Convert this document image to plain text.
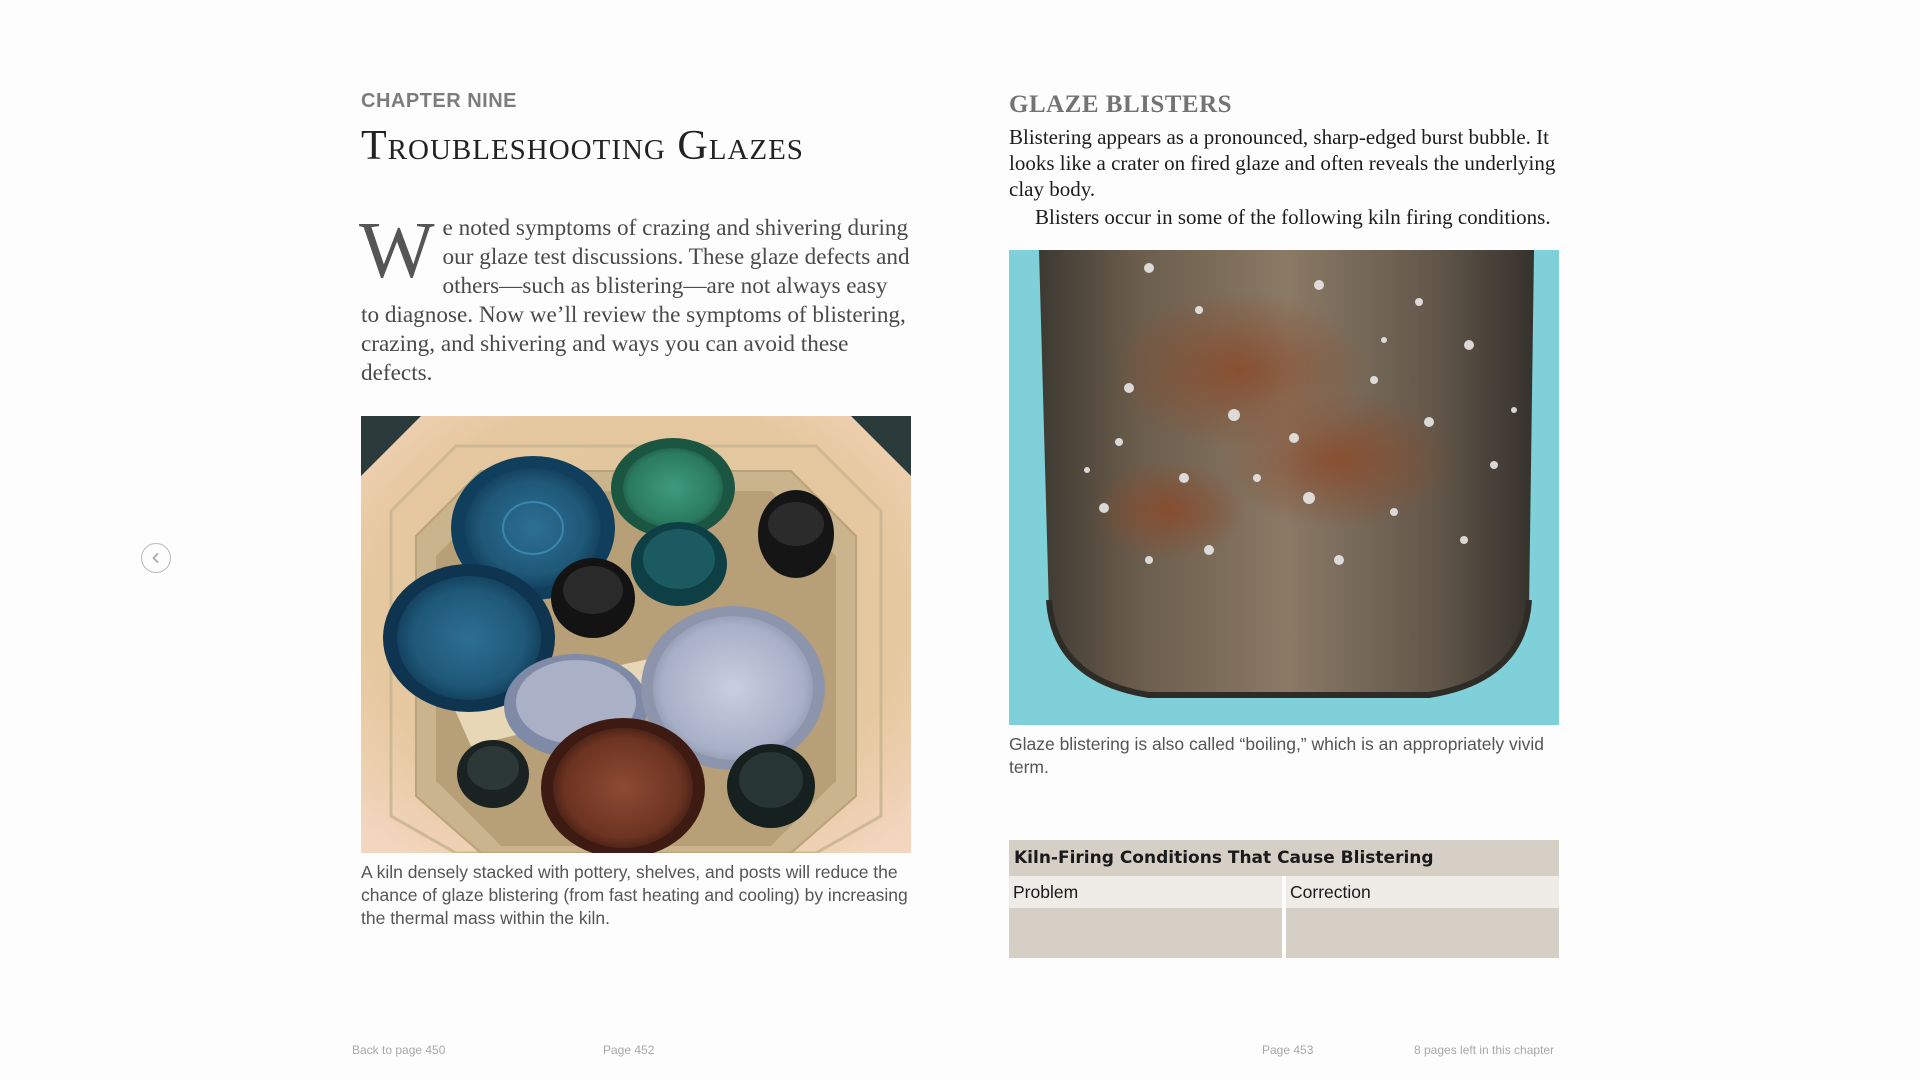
CHAPTER NINE
Troubleshooting Glazes
We noted symptoms of crazing and shivering during our glaze test discussions. These glaze defects and others—such as blistering—are not always easy to diagnose. Now we’ll review the symptoms of blistering, crazing, and shivering and ways you can avoid these defects.
A kiln densely stacked with pottery, shelves, and posts will reduce the chance of glaze blistering (from fast heating and cooling) by increasing the thermal mass within the kiln.
GLAZE BLISTERS

Blistering appears as a pronounced, sharp-edged burst bubble. It looks like a crater on fired glaze and often reveals the underlying clay body.

Blisters occur in some of the following kiln firing conditions.

Glaze blistering is also called “boiling,” which is an appropriately vivid term.
Kiln-Firing Conditions That Cause Blistering
Problem	Correction
Back to page 450	Page 452	Page 453	8 pages left in this chapter
